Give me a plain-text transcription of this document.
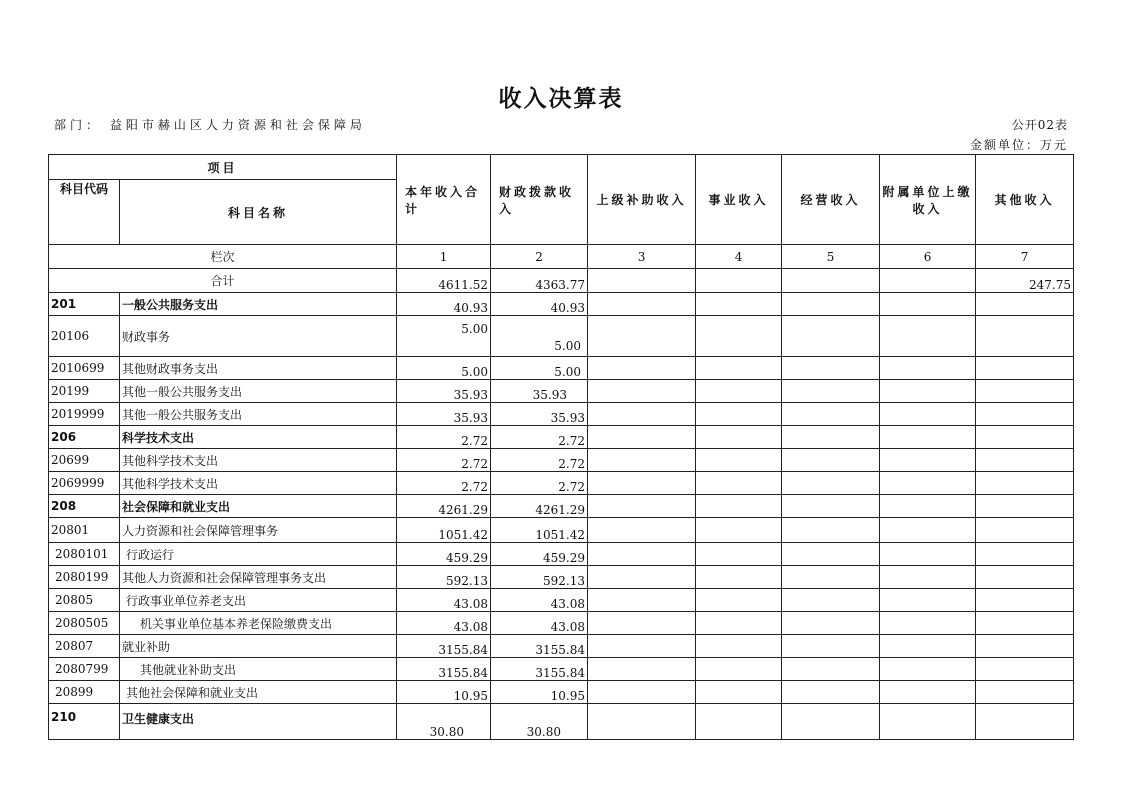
收入决算表
部门： 益阳市赫山区人力资源和社会保障局	公开02表
金额单位：万元
项目		本年收入合计	财政拨款收入	上级补助收入	事业收入	经营收入	附属单位上缴收入	其他收入
科目代码	科目名称							
栏次		1	2	3	4	5	6	7
合计		4611.52	4363.77					247.75
201	一般公共服务支出	40.93	40.93					
20106	财政事务	5.00	5.00					
2010699	其他财政事务支出	5.00	5.00					
20199	其他一般公共服务支出	35.93	35.93					
2019999	其他一般公共服务支出	35.93	35.93					
206	科学技术支出	2.72	2.72					
20699	其他科学技术支出	2.72	2.72					
2069999	其他科学技术支出	2.72	2.72					
208	社会保障和就业支出	4261.29	4261.29					
20801	人力资源和社会保障管理事务	1051.42	1051.42					
2080101	行政运行	459.29	459.29					
2080199	其他人力资源和社会保障管理事务支出	592.13	592.13					
20805	行政事业单位养老支出	43.08	43.08					
2080505	机关事业单位基本养老保险缴费支出	43.08	43.08					
20807	就业补助	3155.84	3155.84					
2080799	其他就业补助支出	3155.84	3155.84					
20899	其他社会保障和就业支出	10.95	10.95					
210	卫生健康支出	30.80	30.80					
